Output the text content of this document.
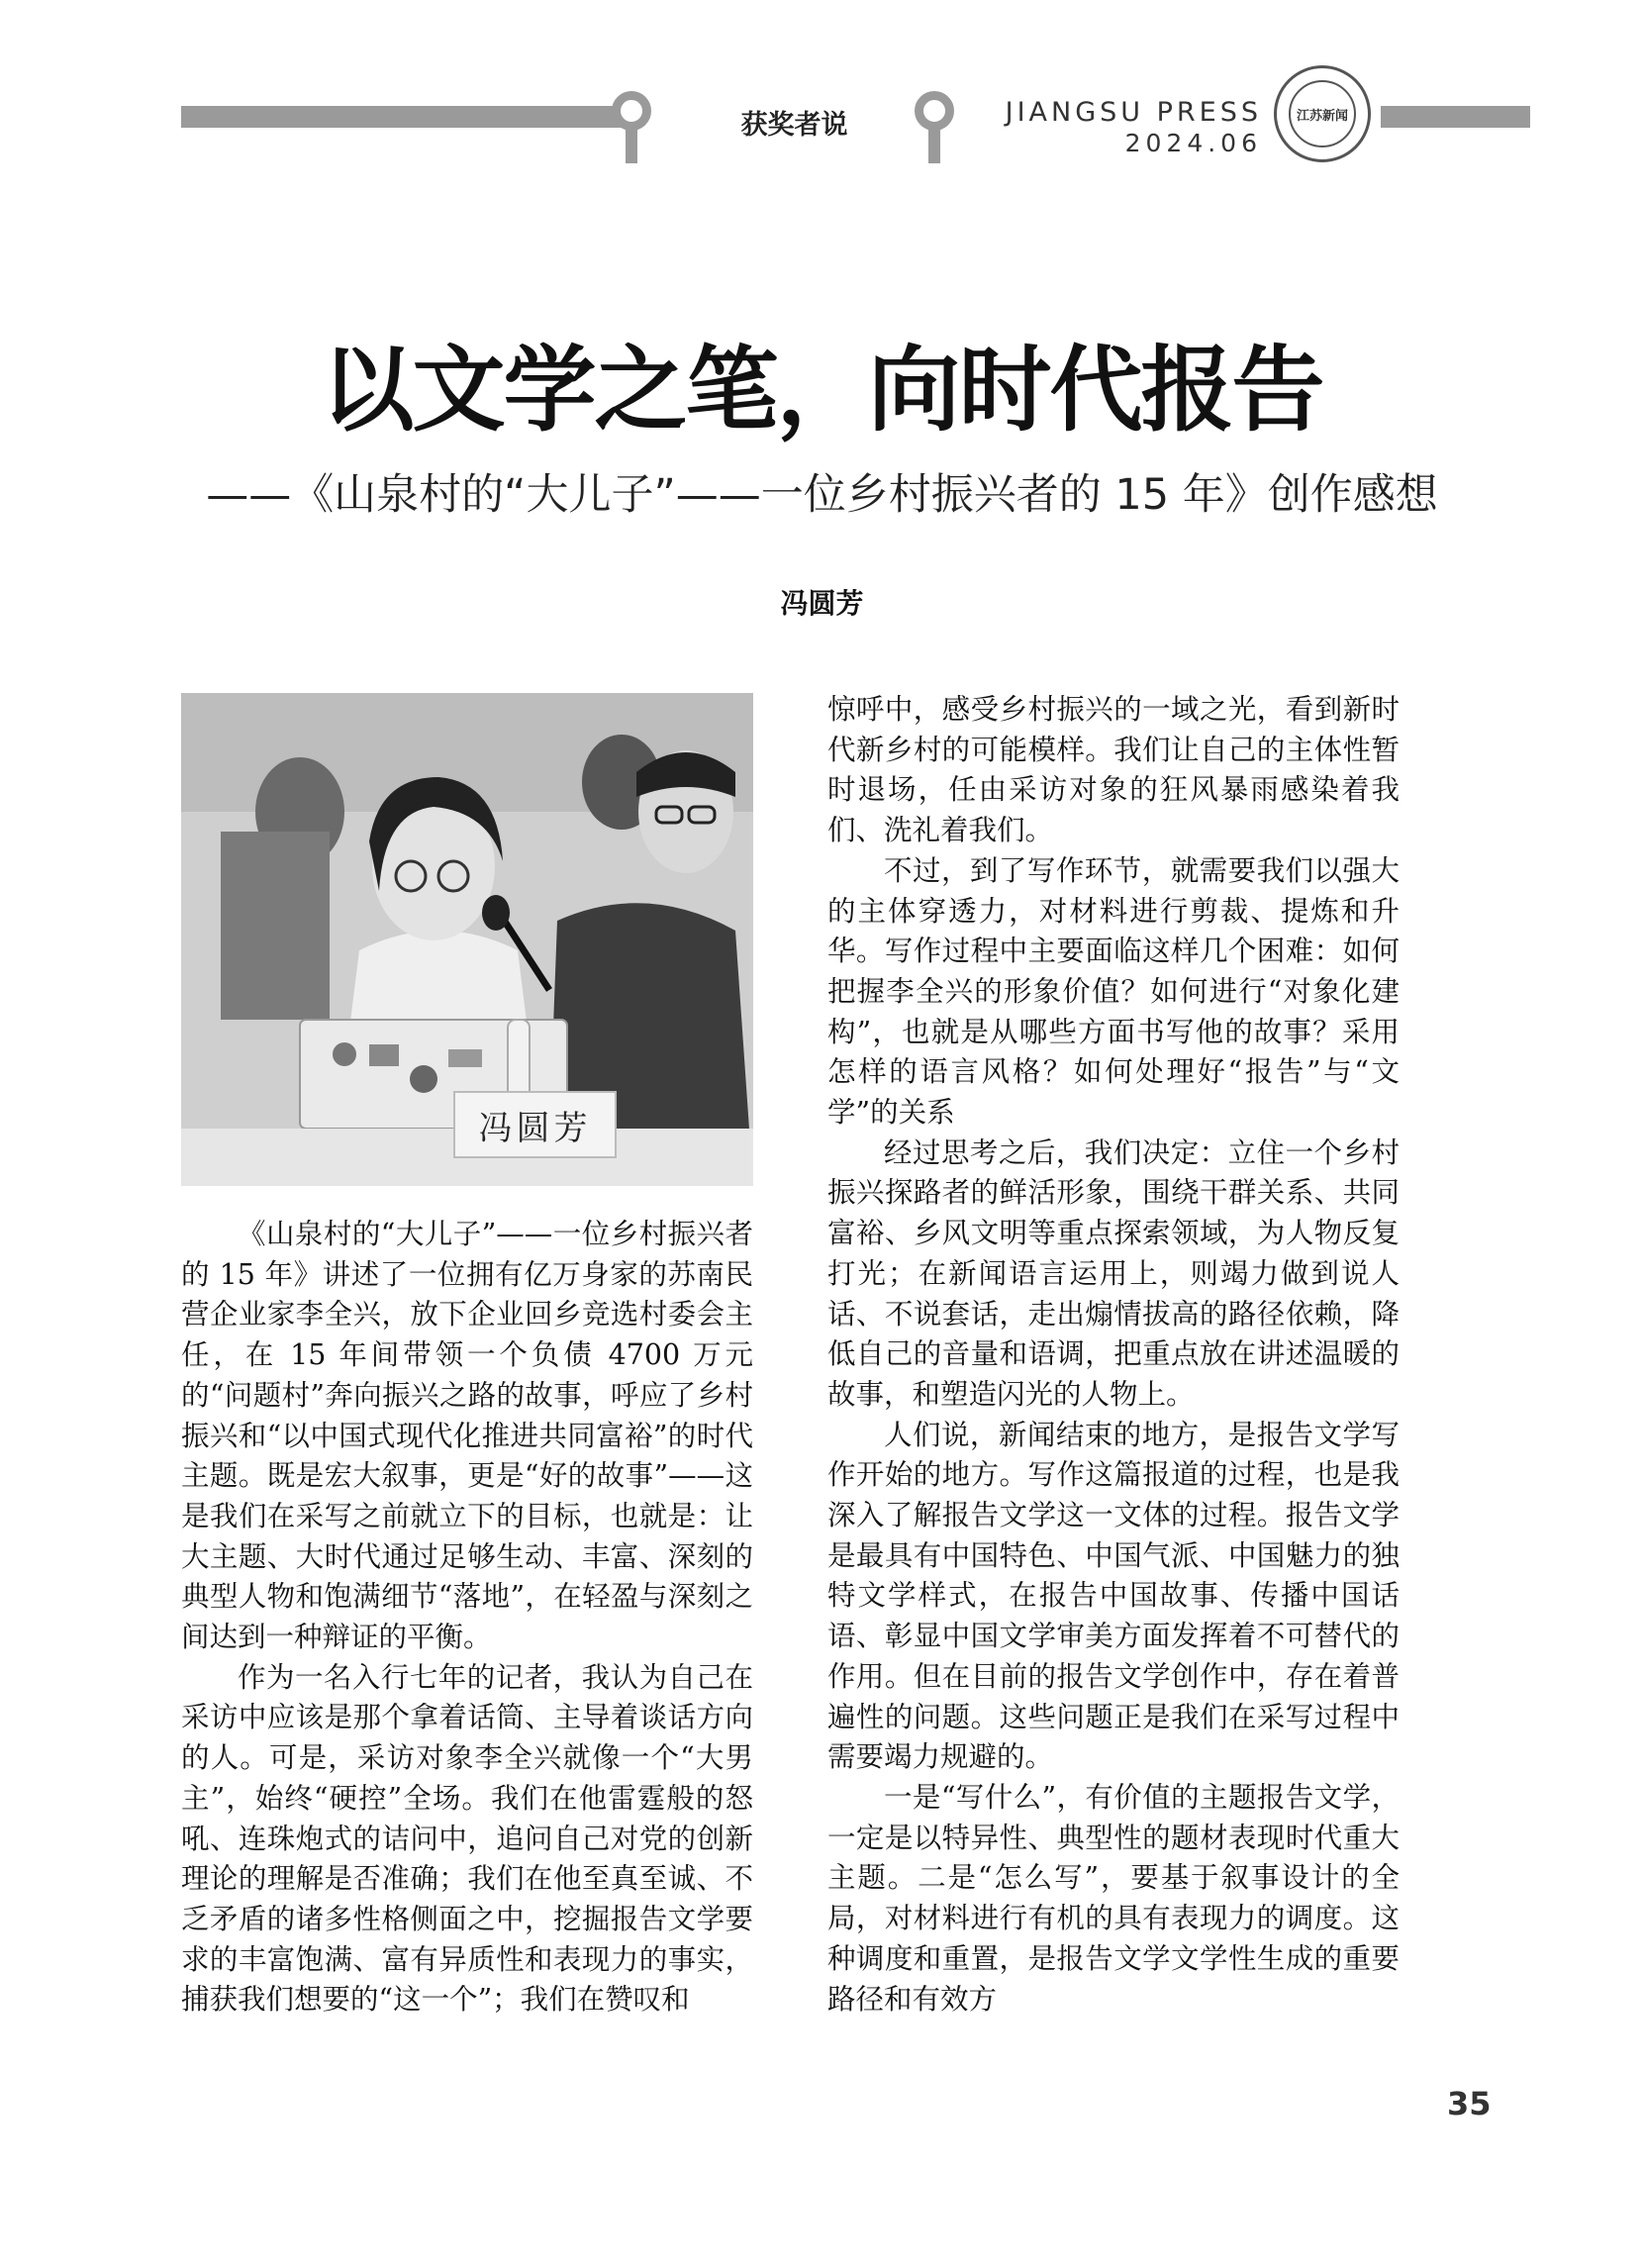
获奖者说	JIANGSU PRESS
2024.06
江苏新闻
以文学之笔，向时代报告
——《山泉村的“大儿子”——一位乡村振兴者的 15 年》创作感想
冯圆芳
冯圆芳

《山泉村的“大儿子”——一位乡村振兴者的 15 年》讲述了一位拥有亿万身家的苏南民营企业家李全兴，放下企业回乡竞选村委会主任，在 15 年间带领一个负债 4700 万元的“问题村”奔向振兴之路的故事，呼应了乡村振兴和“以中国式现代化推进共同富裕”的时代主题。既是宏大叙事，更是“好的故事”——这是我们在采写之前就立下的目标，也就是：让大主题、大时代通过足够生动、丰富、深刻的典型人物和饱满细节“落地”，在轻盈与深刻之间达到一种辩证的平衡。

作为一名入行七年的记者，我认为自己在采访中应该是那个拿着话筒、主导着谈话方向的人。可是，采访对象李全兴就像一个“大男主”，始终“硬控”全场。我们在他雷霆般的怒吼、连珠炮式的诘问中，追问自己对党的创新理论的理解是否准确；我们在他至真至诚、不乏矛盾的诸多性格侧面之中，挖掘报告文学要求的丰富饱满、富有异质性和表现力的事实，捕获我们想要的“这一个”；我们在赞叹和

惊呼中，感受乡村振兴的一域之光，看到新时代新乡村的可能模样。我们让自己的主体性暂时退场，任由采访对象的狂风暴雨感染着我们、洗礼着我们。

不过，到了写作环节，就需要我们以强大的主体穿透力，对材料进行剪裁、提炼和升华。写作过程中主要面临这样几个困难：如何把握李全兴的形象价值？如何进行“对象化建构”，也就是从哪些方面书写他的故事？采用怎样的语言风格？如何处理好“报告”与“文学”的关系

经过思考之后，我们决定：立住一个乡村振兴探路者的鲜活形象，围绕干群关系、共同富裕、乡风文明等重点探索领域，为人物反复打光；在新闻语言运用上，则竭力做到说人话、不说套话，走出煽情拔高的路径依赖，降低自己的音量和语调，把重点放在讲述温暖的故事，和塑造闪光的人物上。

人们说，新闻结束的地方，是报告文学写作开始的地方。写作这篇报道的过程，也是我深入了解报告文学这一文体的过程。报告文学是最具有中国特色、中国气派、中国魅力的独特文学样式，在报告中国故事、传播中国话语、彰显中国文学审美方面发挥着不可替代的作用。但在目前的报告文学创作中，存在着普遍性的问题。这些问题正是我们在采写过程中需要竭力规避的。

一是“写什么”，有价值的主题报告文学，一定是以特异性、典型性的题材表现时代重大主题。二是“怎么写”，要基于叙事设计的全局，对材料进行有机的具有表现力的调度。这种调度和重置，是报告文学文学性生成的重要路径和有效方

35
